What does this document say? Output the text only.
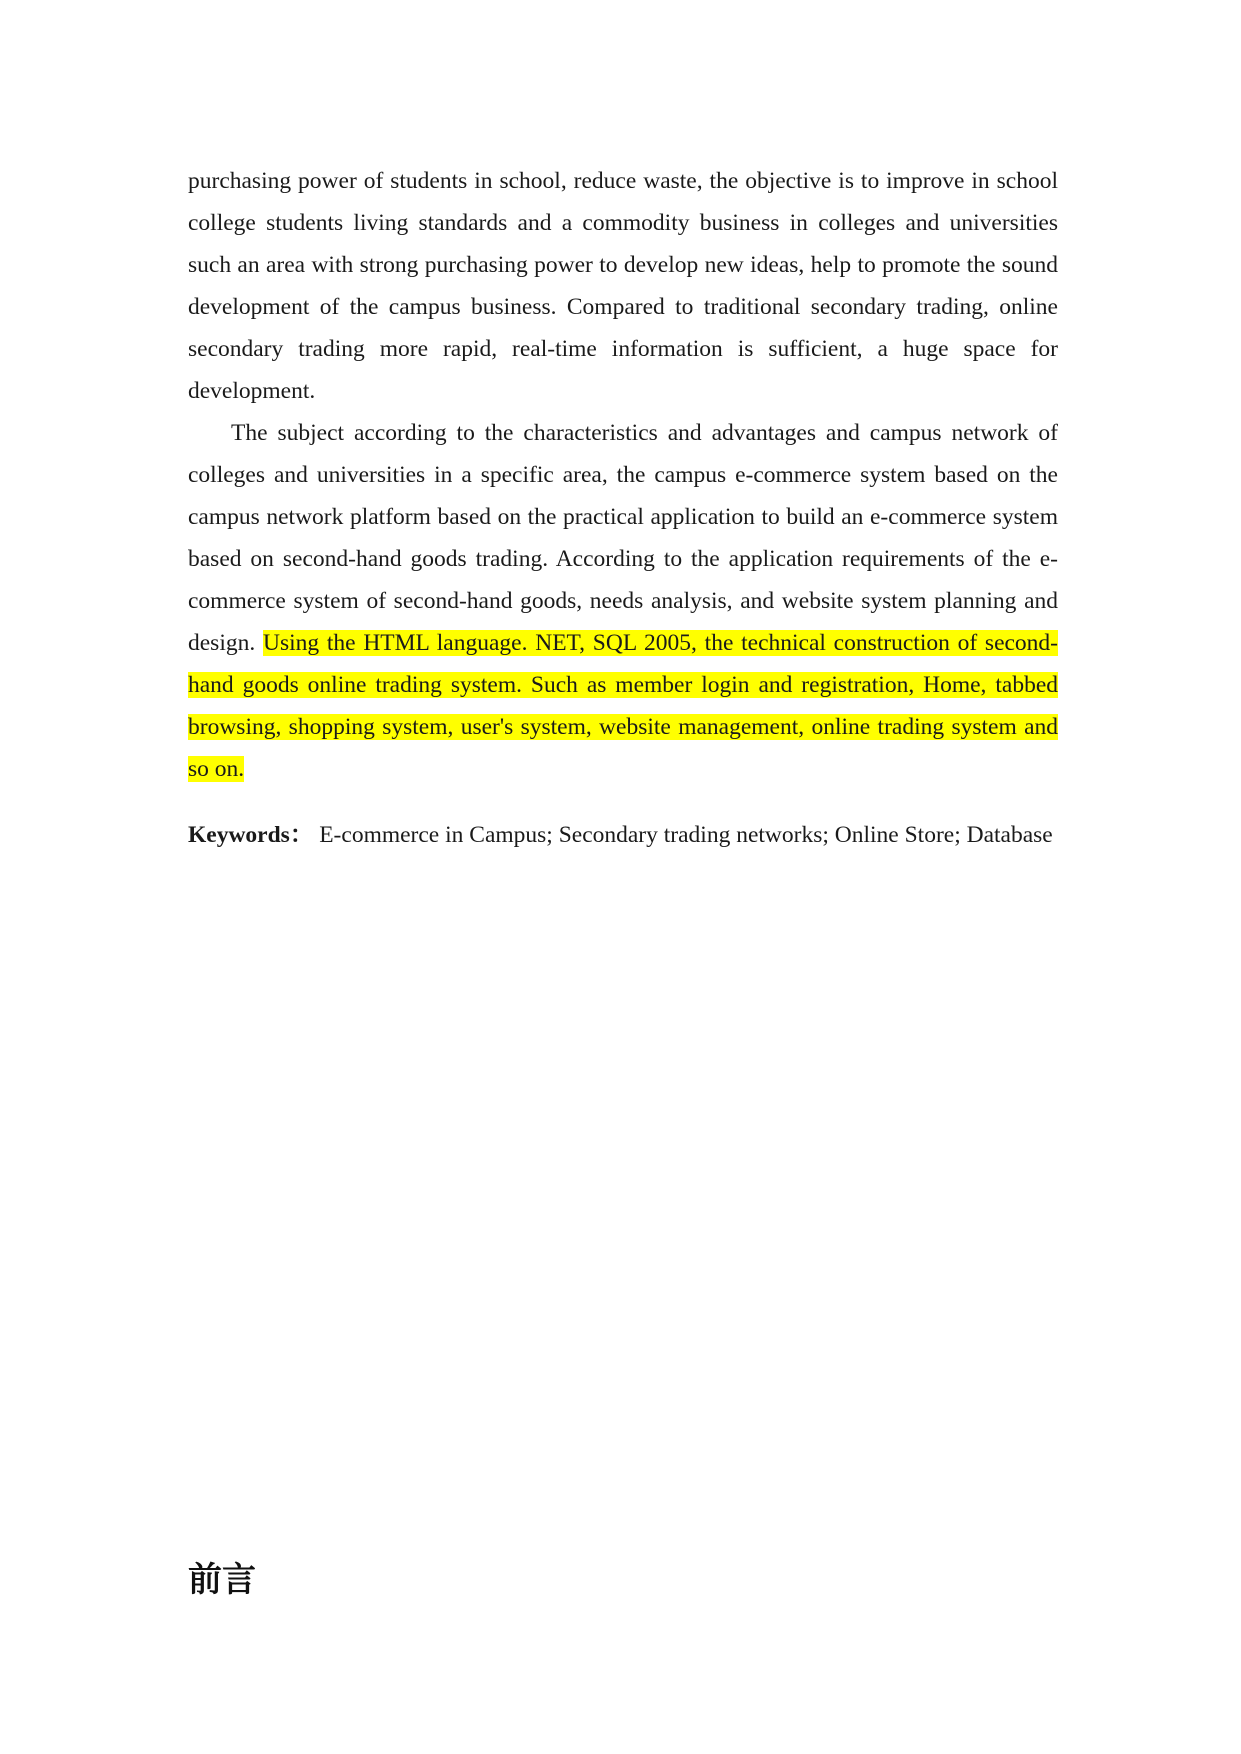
purchasing power of students in school, reduce waste, the objective is to improve in school college students living standards and a commodity business in colleges and universities such an area with strong purchasing power to develop new ideas, help to promote the sound development of the campus business. Compared to traditional secondary trading, online secondary trading more rapid, real-time information is sufficient, a huge space for development.

The subject according to the characteristics and advantages and campus network of colleges and universities in a specific area, the campus e-commerce system based on the campus network platform based on the practical application to build an e-commerce system based on second-hand goods trading. According to the application requirements of the e-commerce system of second-hand goods, needs analysis, and website system planning and design. Using the HTML language. NET, SQL 2005, the technical construction of second-hand goods online trading system. Such as member login and registration, Home, tabbed browsing, shopping system, user's system, website management, online trading system and so on.

Keywords： E-commerce in Campus; Secondary trading networks; Online Store; Database

前言
